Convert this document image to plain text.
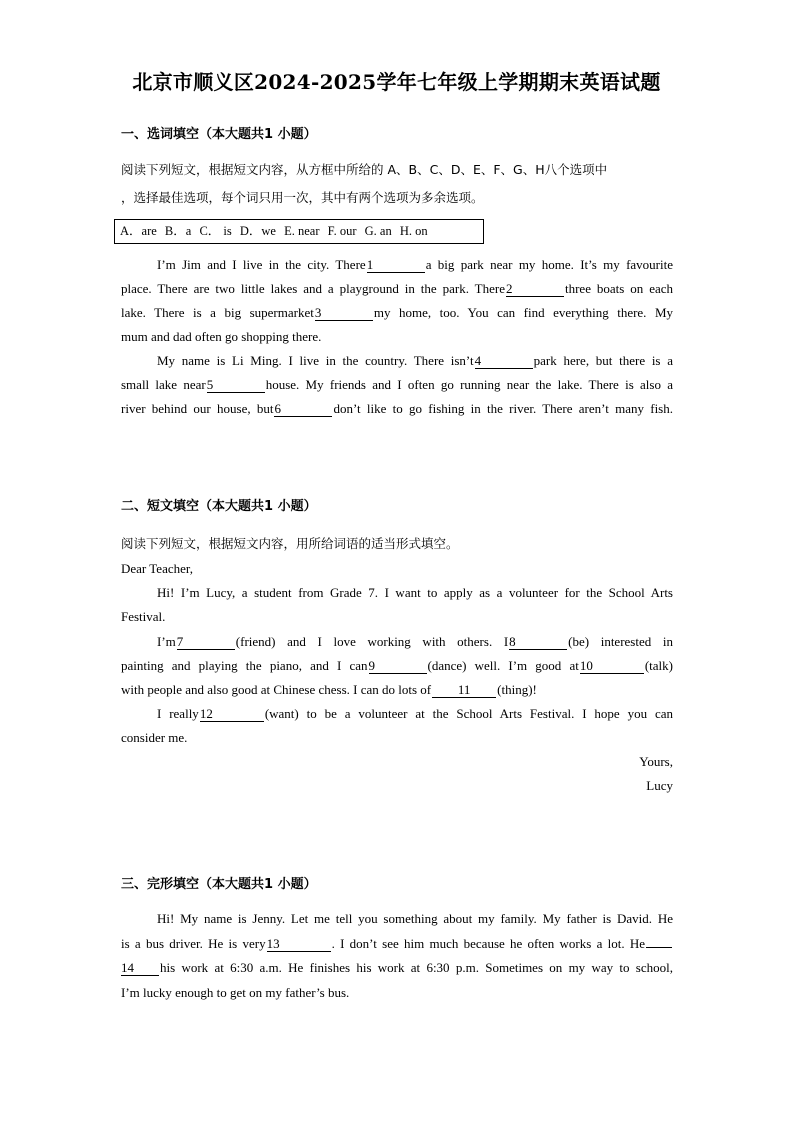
北京市顺义区2024-2025学年七年级上学期期末英语试题
一、选词填空（本大题共1 小题）
阅读下列短文，根据短文内容，从方框中所给的 A、B、C、D、E、F、G、H八个选项中
，选择最佳选项，每个词只用一次，其中有两个选项为多余选项。
A．are B．a C． is D．we E. near F. our G. an H. on
I’m Jim and I live in the city. There1	a big park near my home. It’s my favourite
place. There are two little lakes and a playground in the park. There2	three boats on each
lake. There is a big supermarket3	my home, too. You can find everything there. My
mum and dad often go shopping there.
My name is Li Ming. I live in the country. There isn’t4	park here, but there is a
small lake near5	house. My friends and I often go running near the lake. There is also a
river behind our house, but6	don’t like to go fishing in the river. There aren’t many fish.
二、短文填空（本大题共1 小题）
阅读下列短文，根据短文内容，用所给词语的适当形式填空。
Dear Teacher,
Hi! I’m Lucy, a student from Grade 7. I want to apply as a volunteer for the School Arts
Festival.
I’m7	(friend) and I love working with others. I8	(be) interested in
painting and playing the piano, and I can9	(dance) well. I’m good at10	(talk)
with people and also good at Chinese chess. I can do lots of 11 (thing)!
I really12	(want) to be a volunteer at the School Arts Festival. I hope you can
consider me.
Yours,
Lucy
三、完形填空（本大题共1 小题）
Hi! My name is Jenny. Let me tell you something about my family. My father is David. He
is a bus driver. He is very13	. I don’t see him much because he often works a lot. He
14 his work at 6:30 a.m. He finishes his work at 6:30 p.m. Sometimes on my way to school,
I’m lucky enough to get on my father’s bus.
